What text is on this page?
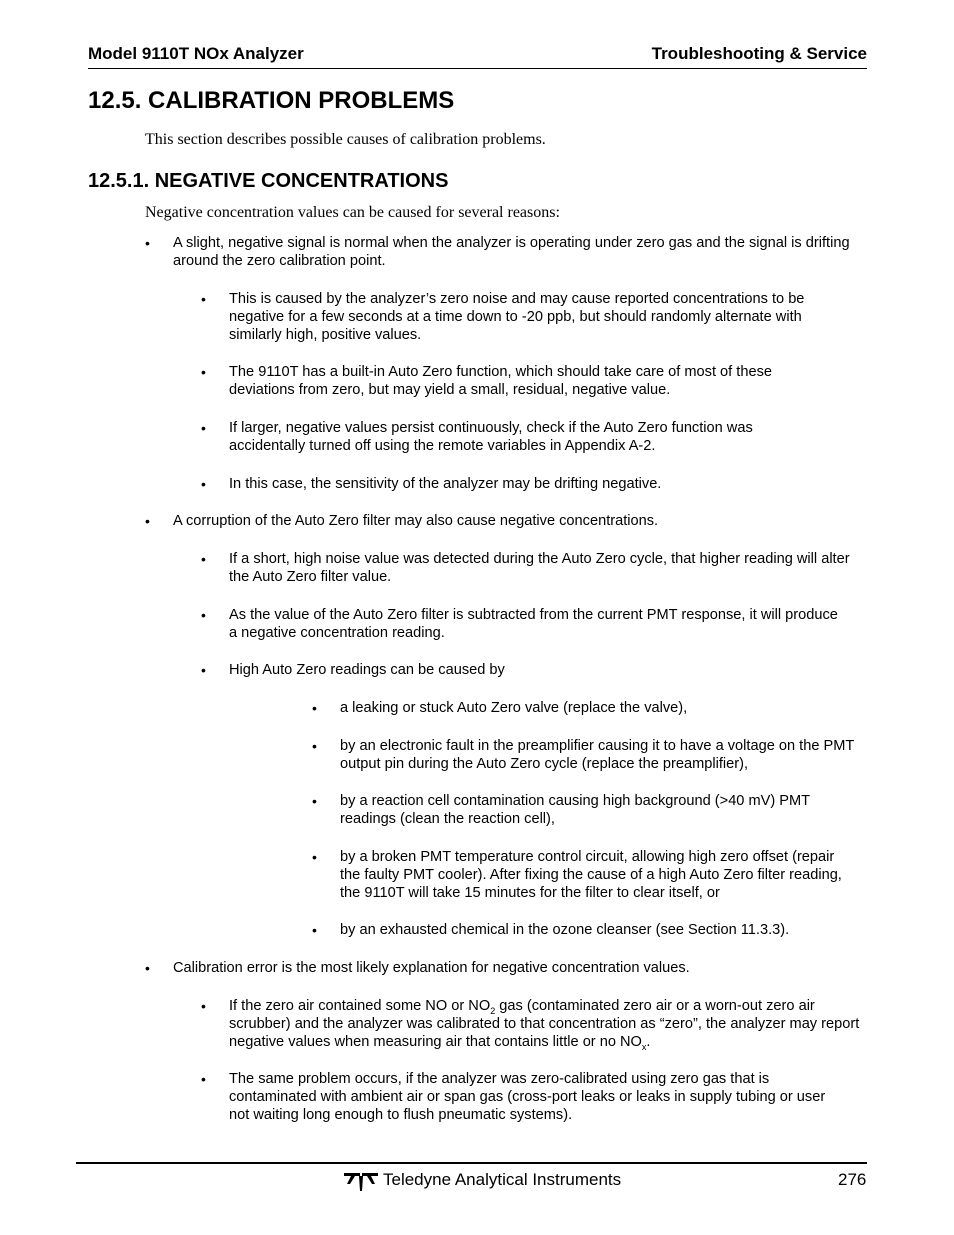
Model 9110T NOx Analyzer	Troubleshooting & Service
12.5. CALIBRATION PROBLEMS

This section describes possible causes of calibration problems.

12.5.1. NEGATIVE CONCENTRATIONS

Negative concentration values can be caused for several reasons:

• A slight, negative signal is normal when the analyzer is operating under zero gas and the signal is drifting around the zero calibration point.
• This is caused by the analyzer’s zero noise and may cause reported concentrations to be negative for a few seconds at a time down to -20 ppb, but should randomly alternate with similarly high, positive values.
• The 9110T has a built-in Auto Zero function, which should take care of most of these deviations from zero, but may yield a small, residual, negative value.
• If larger, negative values persist continuously, check if the Auto Zero function was accidentally turned off using the remote variables in Appendix A-2.
• In this case, the sensitivity of the analyzer may be drifting negative.
• A corruption of the Auto Zero filter may also cause negative concentrations.
• If a short, high noise value was detected during the Auto Zero cycle, that higher reading will alter the Auto Zero filter value.
• As the value of the Auto Zero filter is subtracted from the current PMT response, it will produce a negative concentration reading.
• High Auto Zero readings can be caused by
• a leaking or stuck Auto Zero valve (replace the valve),
• by an electronic fault in the preamplifier causing it to have a voltage on the PMT output pin during the Auto Zero cycle (replace the preamplifier),
• by a reaction cell contamination causing high background (>40 mV) PMT readings (clean the reaction cell),
• by a broken PMT temperature control circuit, allowing high zero offset (repair the faulty PMT cooler). After fixing the cause of a high Auto Zero filter reading, the 9110T will take 15 minutes for the filter to clear itself, or
• by an exhausted chemical in the ozone cleanser (see Section 11.3.3).
• Calibration error is the most likely explanation for negative concentration values.
• If the zero air contained some NO or $NO_2$ gas (contaminated zero air or a worn-out zero air scrubber) and the analyzer was calibrated to that concentration as “zero”, the analyzer may report negative values when measuring air that contains little or no $NO_x$.
• The same problem occurs, if the analyzer was zero-calibrated using zero gas that is contaminated with ambient air or span gas (cross-port leaks or leaks in supply tubing or user not waiting long enough to flush pneumatic systems).
Teledyne Analytical Instruments	276
